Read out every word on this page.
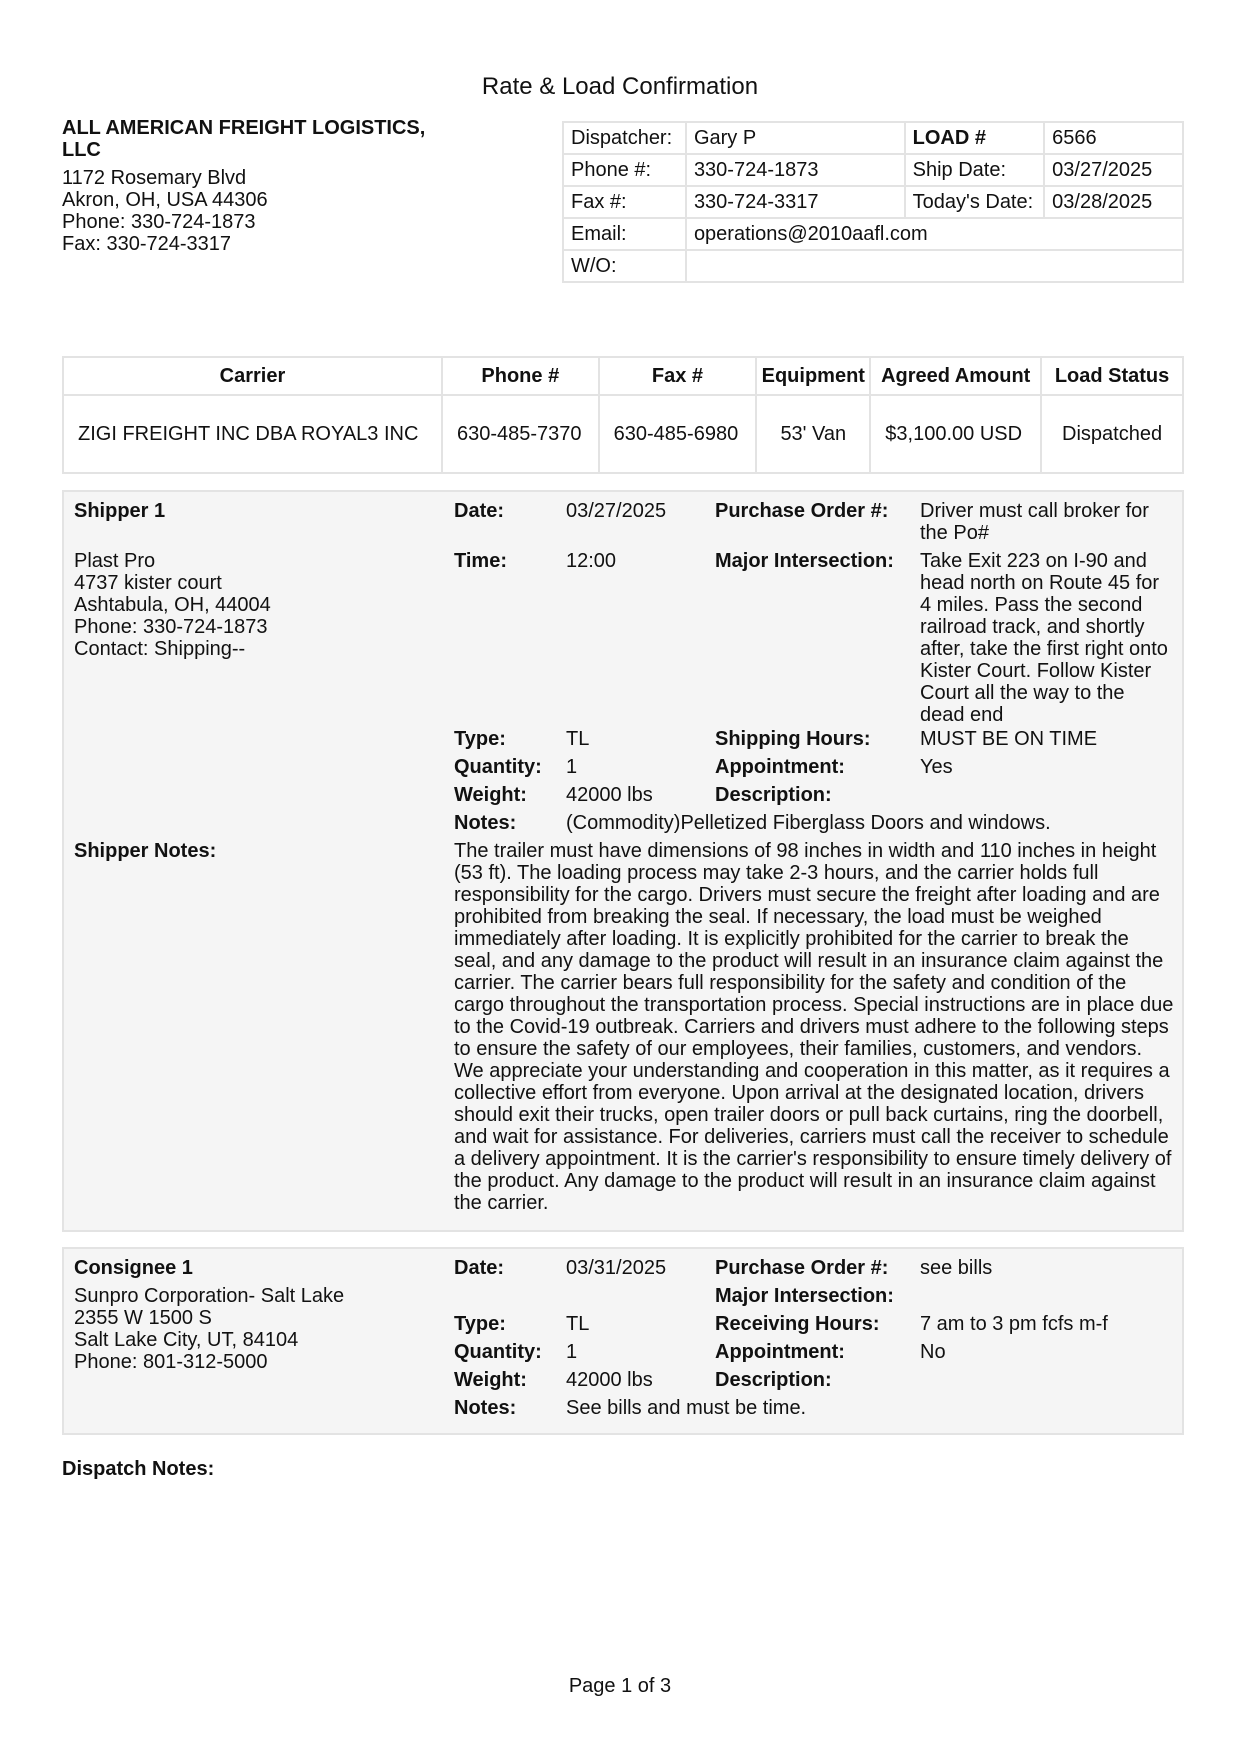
Rate & Load Confirmation
ALL AMERICAN FREIGHT LOGISTICS, LLC
1172 Rosemary Blvd
Akron, OH, USA 44306
Phone: 330-724-1873
Fax: 330-724-3317
Dispatcher:	Gary P	LOAD #	6566
Phone #:	330-724-1873	Ship Date:	03/27/2025
Fax #:	330-724-3317	Today's Date:	03/28/2025
Email:	operations@2010aafl.com		
W/O:			
Carrier	Phone #	Fax #	Equipment	Agreed Amount	Load Status
ZIGI FREIGHT INC DBA ROYAL3 INC	630-485-7370	630-485-6980	53' Van	$3,100.00 USD	Dispatched
Shipper 1
Plast Pro
4737 kister court
Ashtabula, OH, 44004
Phone: 330-724-1873
Contact: Shipping--
Date:	03/27/2025
Time:	12:00
Purchase Order #: Driver must call broker for the Po#
Major Intersection: Take Exit 223 on I-90 and head north on Route 45 for 4 miles. Pass the second railroad track, and shortly after, take the first right onto Kister Court. Follow Kister Court all the way to the dead end
Type:	TL	Shipping Hours: MUST BE ON TIME
Quantity: 1	Appointment:	Yes
Weight: 42000 lbs	Description:
Notes: (Commodity)Pelletized Fiberglass Doors and windows.
Shipper Notes:	The trailer must have dimensions of 98 inches in width and 110 inches in height (53 ft). The loading process may take 2-3 hours, and the carrier holds full responsibility for the cargo. Drivers must secure the freight after loading and are prohibited from breaking the seal. If necessary, the load must be weighed immediately after loading. It is explicitly prohibited for the carrier to break the seal, and any damage to the product will result in an insurance claim against the carrier. The carrier bears full responsibility for the safety and condition of the cargo throughout the transportation process. Special instructions are in place due to the Covid-19 outbreak. Carriers and drivers must adhere to the following steps to ensure the safety of our employees, their families, customers, and vendors. We appreciate your understanding and cooperation in this matter, as it requires a collective effort from everyone. Upon arrival at the designated location, drivers should exit their trucks, open trailer doors or pull back curtains, ring the doorbell, and wait for assistance. For deliveries, carriers must call the receiver to schedule a delivery appointment. It is the carrier's responsibility to ensure timely delivery of the product. Any damage to the product will result in an insurance claim against the carrier.
Consignee 1
Sunpro Corporation- Salt Lake
2355 W 1500 S
Salt Lake City, UT, 84104
Phone: 801-312-5000
Date:	03/31/2025 Purchase Order #: see bills
Major Intersection:
Type:	TL	Receiving Hours: 7 am to 3 pm fcfs m-f
Quantity: 1	Appointment:	No
Weight: 42000 lbs	Description:
Notes: See bills and must be time.
Dispatch Notes:
Page 1 of 3
